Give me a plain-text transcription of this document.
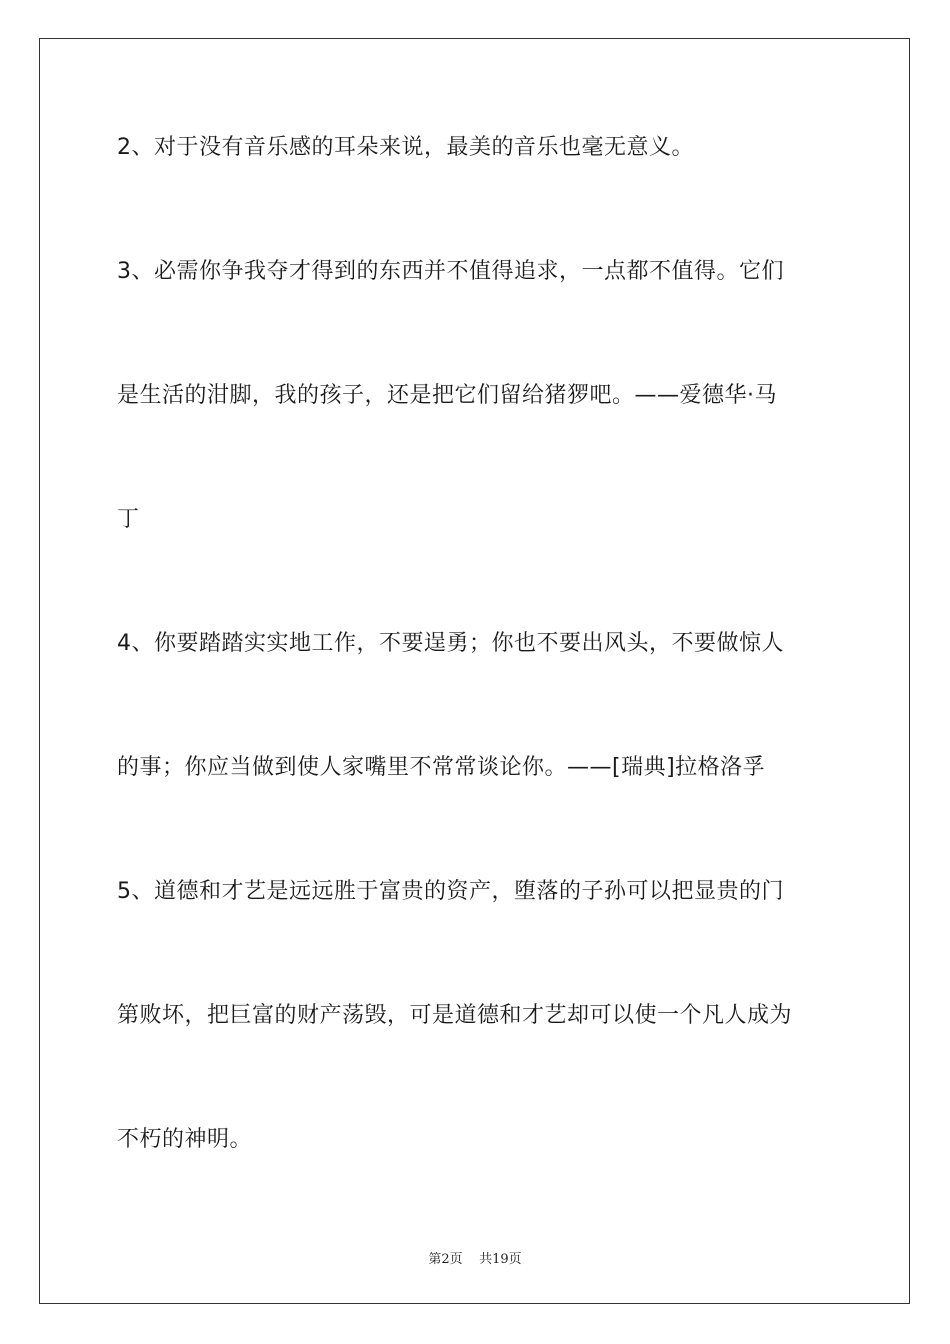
2、对于没有音乐感的耳朵来说，最美的音乐也毫无意义。
3、必需你争我夺才得到的东西并不值得追求，一点都不值得。它们
是生活的泔脚，我的孩子，还是把它们留给猪猡吧。——爱德华·马
丁
4、你要踏踏实实地工作，不要逞勇；你也不要出风头，不要做惊人
的事；你应当做到使人家嘴里不常常谈论你。——[瑞典]拉格洛孚
5、道德和才艺是远远胜于富贵的资产，堕落的子孙可以把显贵的门
第败坏，把巨富的财产荡毁，可是道德和才艺却可以使一个凡人成为
不朽的神明。
第2页 共19页
